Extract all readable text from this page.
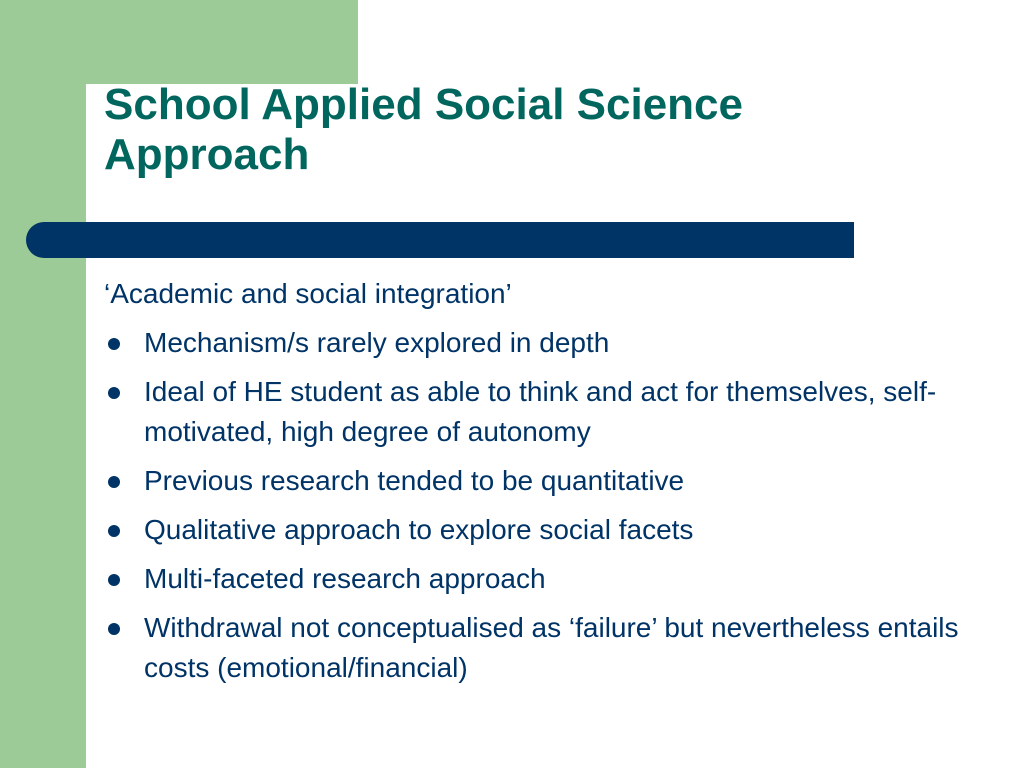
School Applied Social Science
Approach

‘Academic and social integration’

Mechanism/s rarely explored in depth
Ideal of HE student as able to think and act for themselves, self-motivated, high degree of autonomy
Previous research tended to be quantitative
Qualitative approach to explore social facets
Multi-faceted research approach
Withdrawal not conceptualised as ‘failure’ but nevertheless entails costs (emotional/financial)
